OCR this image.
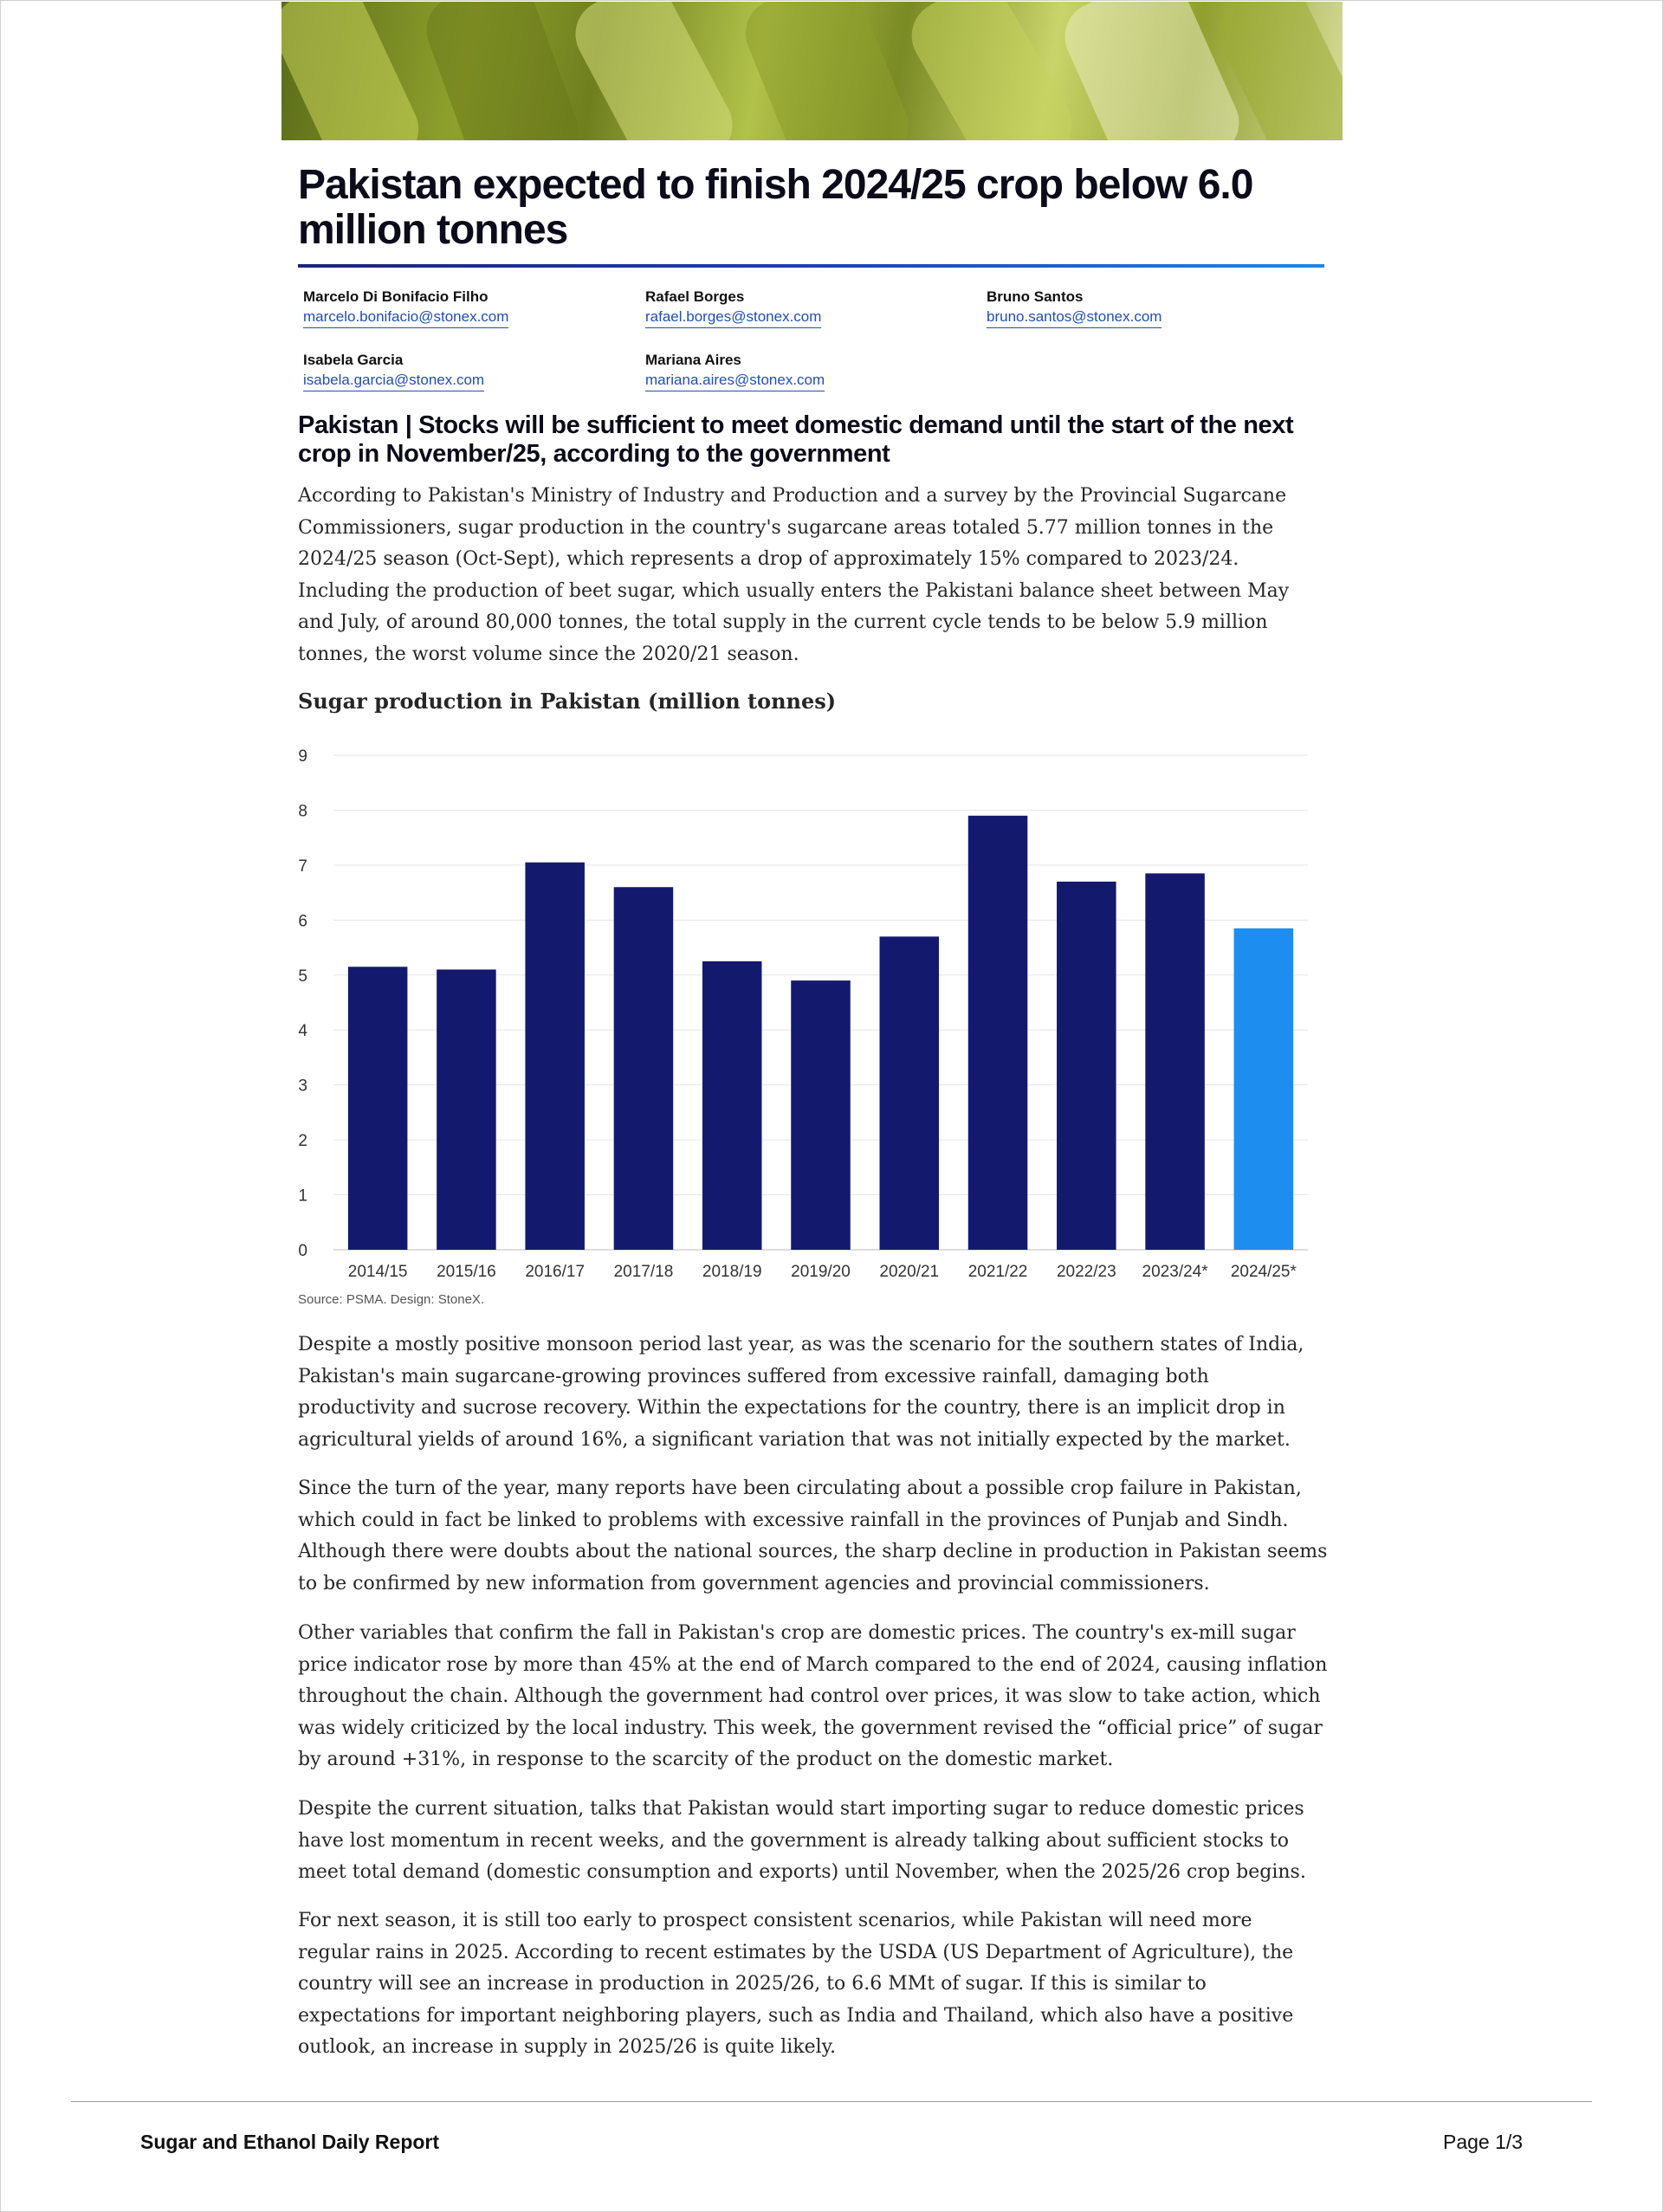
Pakistan expected to finish 2024/25 crop below 6.0 million tonnes
Marcelo Di Bonifacio Filho
marcelo.bonifacio@stonex.com
Rafael Borges
rafael.borges@stonex.com
Bruno Santos
bruno.santos@stonex.com
Isabela Garcia
isabela.garcia@stonex.com
Mariana Aires
mariana.aires@stonex.com
Pakistan | Stocks will be sufficient to meet domestic demand until the start of the next crop in November/25, according to the government

According to Pakistan's Ministry of Industry and Production and a survey by the Provincial Sugarcane Commissioners, sugar production in the country's sugarcane areas totaled 5.77 million tonnes in the 2024/25 season (Oct-Sept), which represents a drop of approximately 15% compared to 2023/24. Including the production of beet sugar, which usually enters the Pakistani balance sheet between May and July, of around 80,000 tonnes, the total supply in the current cycle tends to be below 5.9 million tonnes, the worst volume since the 2020/21 season.

Sugar production in Pakistan (million tonnes)
0
1
2
3
4
5
6
7
8
9
2014/15 2015/16 2016/17 2017/18 2018/19 2019/20 2020/21 2021/22 2022/23 2023/24* 2024/25*
Source: PSMA. Design: StoneX.

Despite a mostly positive monsoon period last year, as was the scenario for the southern states of India, Pakistan's main sugarcane-growing provinces suffered from excessive rainfall, damaging both productivity and sucrose recovery. Within the expectations for the country, there is an implicit drop in agricultural yields of around 16%, a significant variation that was not initially expected by the market.

Since the turn of the year, many reports have been circulating about a possible crop failure in Pakistan, which could in fact be linked to problems with excessive rainfall in the provinces of Punjab and Sindh. Although there were doubts about the national sources, the sharp decline in production in Pakistan seems to be confirmed by new information from government agencies and provincial commissioners.

Other variables that confirm the fall in Pakistan's crop are domestic prices. The country's ex-mill sugar price indicator rose by more than 45% at the end of March compared to the end of 2024, causing inflation throughout the chain. Although the government had control over prices, it was slow to take action, which was widely criticized by the local industry. This week, the government revised the “official price” of sugar by around +31%, in response to the scarcity of the product on the domestic market.

Despite the current situation, talks that Pakistan would start importing sugar to reduce domestic prices have lost momentum in recent weeks, and the government is already talking about sufficient stocks to meet total demand (domestic consumption and exports) until November, when the 2025/26 crop begins.

For next season, it is still too early to prospect consistent scenarios, while Pakistan will need more regular rains in 2025. According to recent estimates by the USDA (US Department of Agriculture), the country will see an increase in production in 2025/26, to 6.6 MMt of sugar. If this is similar to expectations for important neighboring players, such as India and Thailand, which also have a positive outlook, an increase in supply in 2025/26 is quite likely.

Sugar and Ethanol Daily Report	Page 1/3
